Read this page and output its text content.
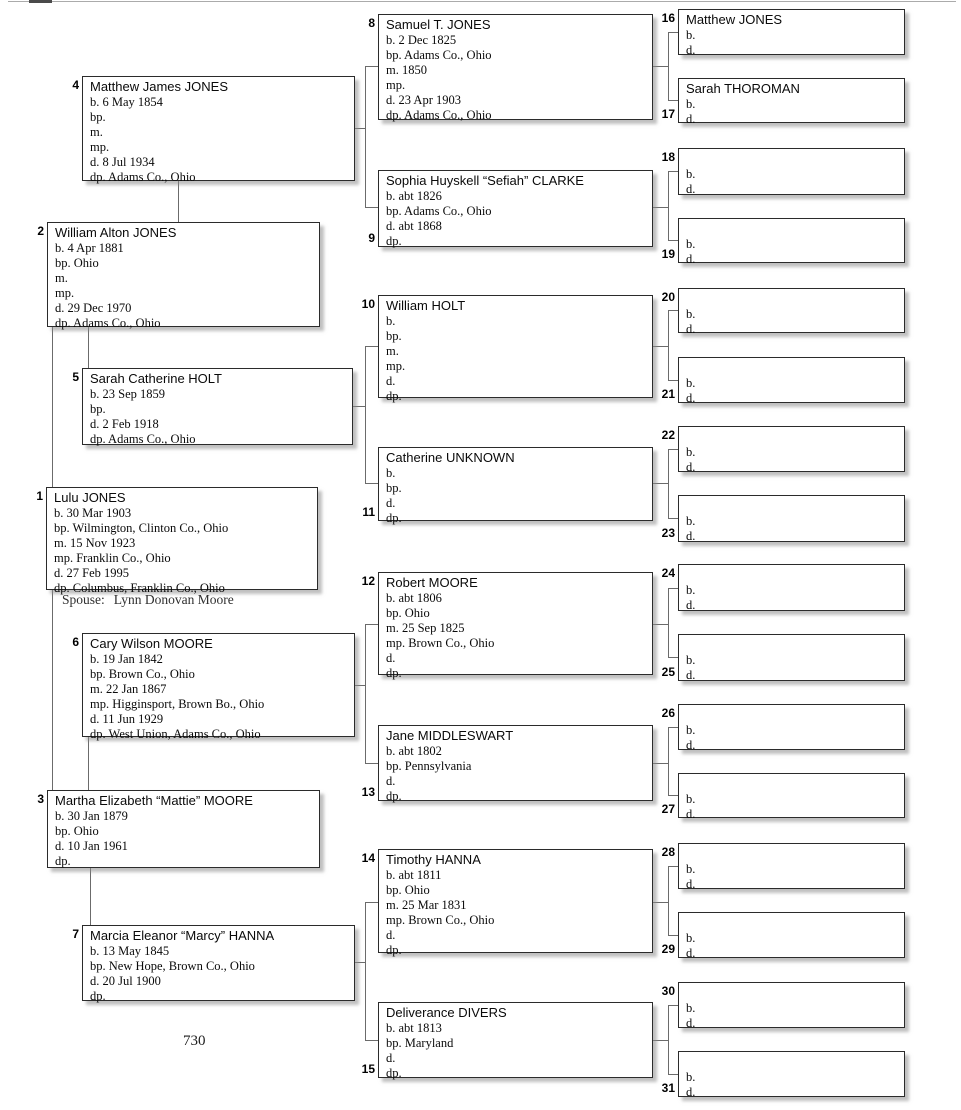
1 Lulu JONES
b. 30 Mar 1903
bp. Wilmington, Clinton Co., Ohio
m. 15 Nov 1923
mp. Franklin Co., Ohio
d. 27 Feb 1995
dp. Columbus, Franklin Co., Ohio
2 William Alton JONES
b. 4 Apr 1881
bp. Ohio
m.
mp.
d. 29 Dec 1970
dp. Adams Co., Ohio
3 Martha Elizabeth “Mattie” MOORE
b. 30 Jan 1879
bp. Ohio
d. 10 Jan 1961
dp.
4 Matthew James JONES
b. 6 May 1854
bp.
m.
mp.
d. 8 Jul 1934
dp. Adams Co., Ohio
5 Sarah Catherine HOLT
b. 23 Sep 1859
bp.
d. 2 Feb 1918
dp. Adams Co., Ohio
6 Cary Wilson MOORE
b. 19 Jan 1842
bp. Brown Co., Ohio
m. 22 Jan 1867
mp. Higginsport, Brown Bo., Ohio
d. 11 Jun 1929
dp. West Union, Adams Co., Ohio
7 Marcia Eleanor “Marcy” HANNA
b. 13 May 1845
bp. New Hope, Brown Co., Ohio
d. 20 Jul 1900
dp.
8 Samuel T. JONES
b. 2 Dec 1825
bp. Adams Co., Ohio
m. 1850
mp.
d. 23 Apr 1903
dp. Adams Co., Ohio
9
Sophia Huyskell “Sefiah” CLARKE
b. abt 1826
bp. Adams Co., Ohio
d. abt 1868
dp.
10 William HOLT
b.
bp.
m.
mp.
d.
dp.
11
Catherine UNKNOWN
b.
bp.
d.
dp.
12 Robert MOORE
b. abt 1806
bp. Ohio
m. 25 Sep 1825
mp. Brown Co., Ohio
d.
dp.
13
Jane MIDDLESWART
b. abt 1802
bp. Pennsylvania
d.
dp.
14 Timothy HANNA
b. abt 1811
bp. Ohio
m. 25 Mar 1831
mp. Brown Co., Ohio
d.
dp.
15
Deliverance DIVERS
b. abt 1813
bp. Maryland
d.
dp.
16 Matthew JONES
b.
d.
17
Sarah THOROMAN
b.
d.
18
b.
d.
19
b.
d.
20
b.
d.
21
b.
d.
22
b.
d.
23
b.
d.
24
b.
d.
25
b.
d.
26
b.
d.
27
b.
d.
28
b.
d.
29
b.
d.
30
b.
d.
31
b.
d.
Spouse: Lynn Donovan Moore
730
